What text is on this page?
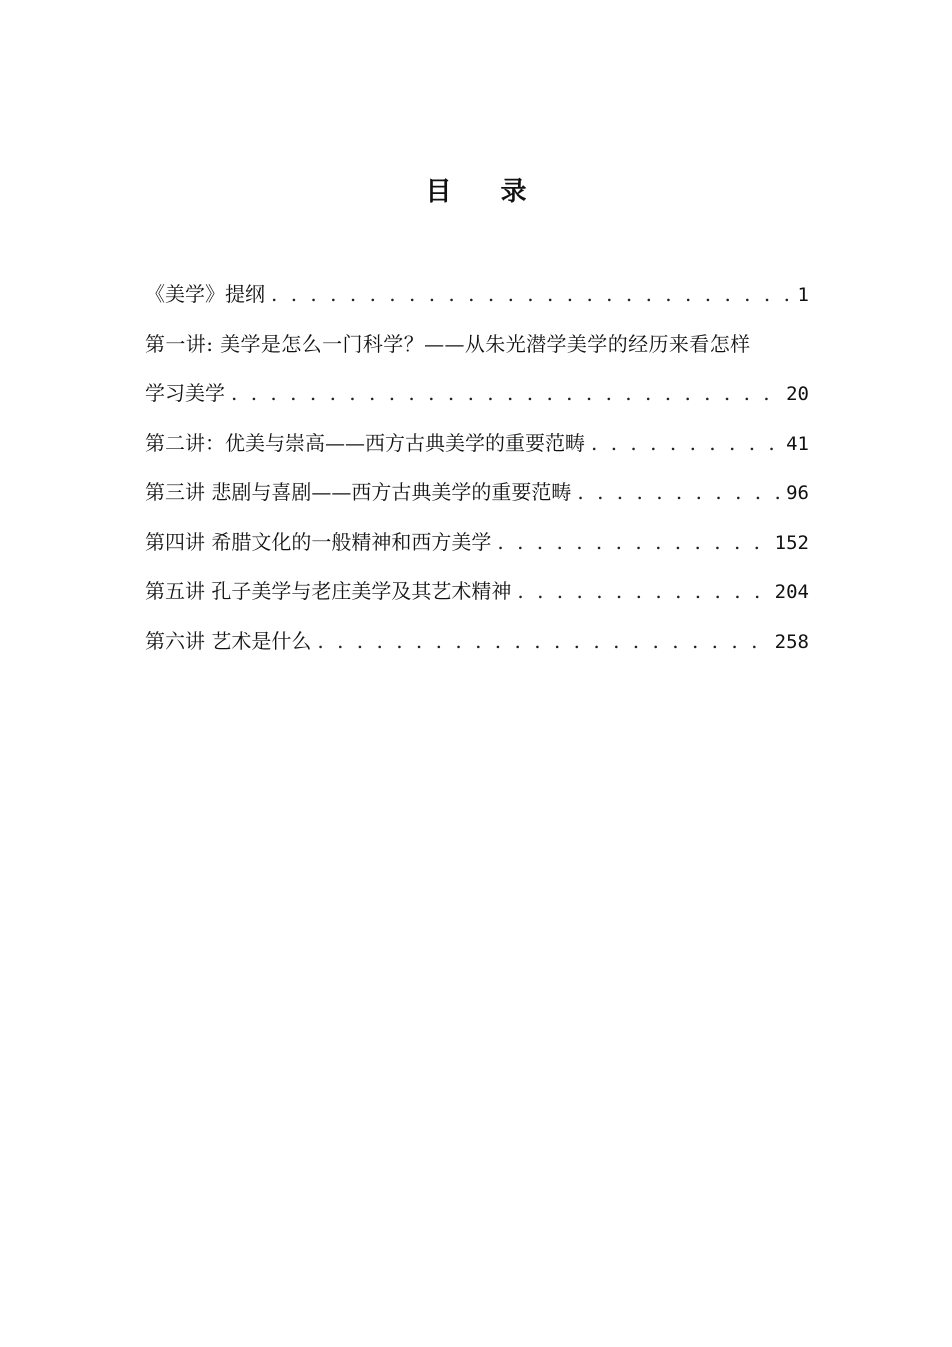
目 录
《美学》提纲 . . .	1
第一讲: 美学是怎么一门科学？——从朱光潜学美学的经历来看怎样
学习美学 . . .	20
第二讲：优美与崇高——西方古典美学的重要范畴 . . .	41
第三讲 悲剧与喜剧——西方古典美学的重要范畴 . . .	96
第四讲 希腊文化的一般精神和西方美学 . . .	152
第五讲 孔子美学与老庄美学及其艺术精神 . . .	204
第六讲 艺术是什么 . . .	258
